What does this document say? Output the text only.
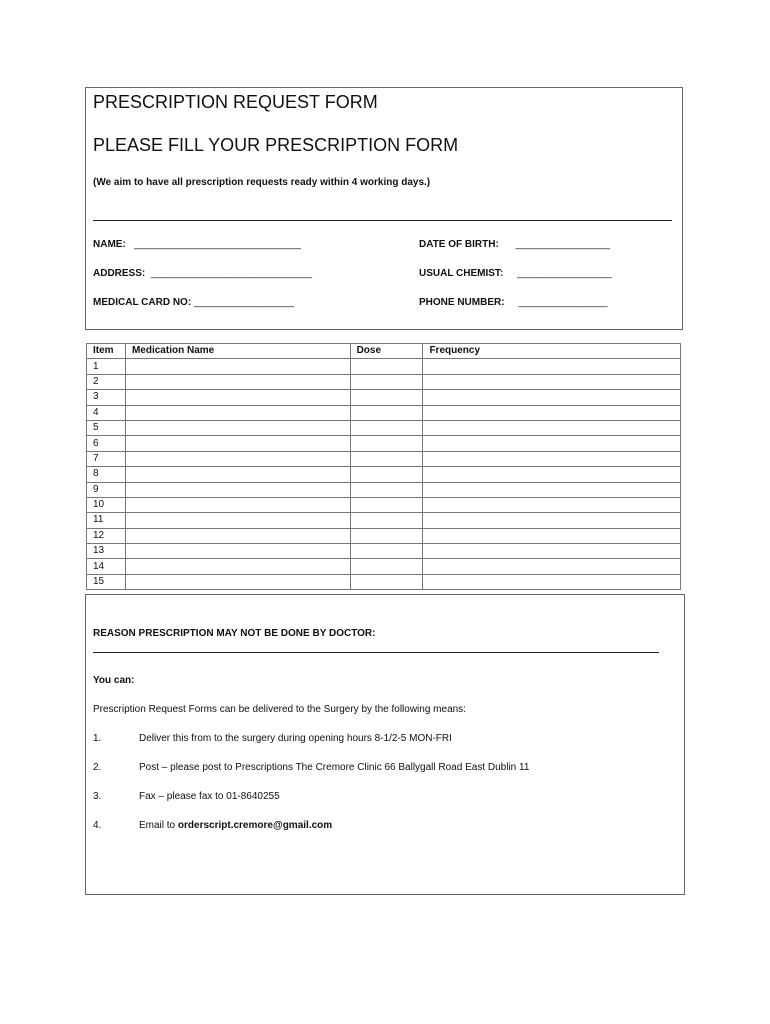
PRESCRIPTION REQUEST FORM
PLEASE FILL YOUR PRESCRIPTION FORM
(We aim to have all prescription requests ready within 4 working days.)
NAME: ______________________________	DATE OF BIRTH: _________________
ADDRESS: _____________________________	USUAL CHEMIST: _________________
MEDICAL CARD NO: __________________	PHONE NUMBER: ________________
Item	Medication Name	Dose	Frequency
1			
2			
3			
4			
5			
6			
7			
8			
9			
10			
11			
12			
13			
14			
15			
REASON PRESCRIPTION MAY NOT BE DONE BY DOCTOR:
You can:
Prescription Request Forms can be delivered to the Surgery by the following means:
1.	Deliver this from to the surgery during opening hours 8-1/2-5 MON-FRI
2.	Post – please post to Prescriptions The Cremore Clinic 66 Ballygall Road East Dublin 11
3.	Fax – please fax to 01-8640255
4.	Email to orderscript.cremore@gmail.com
